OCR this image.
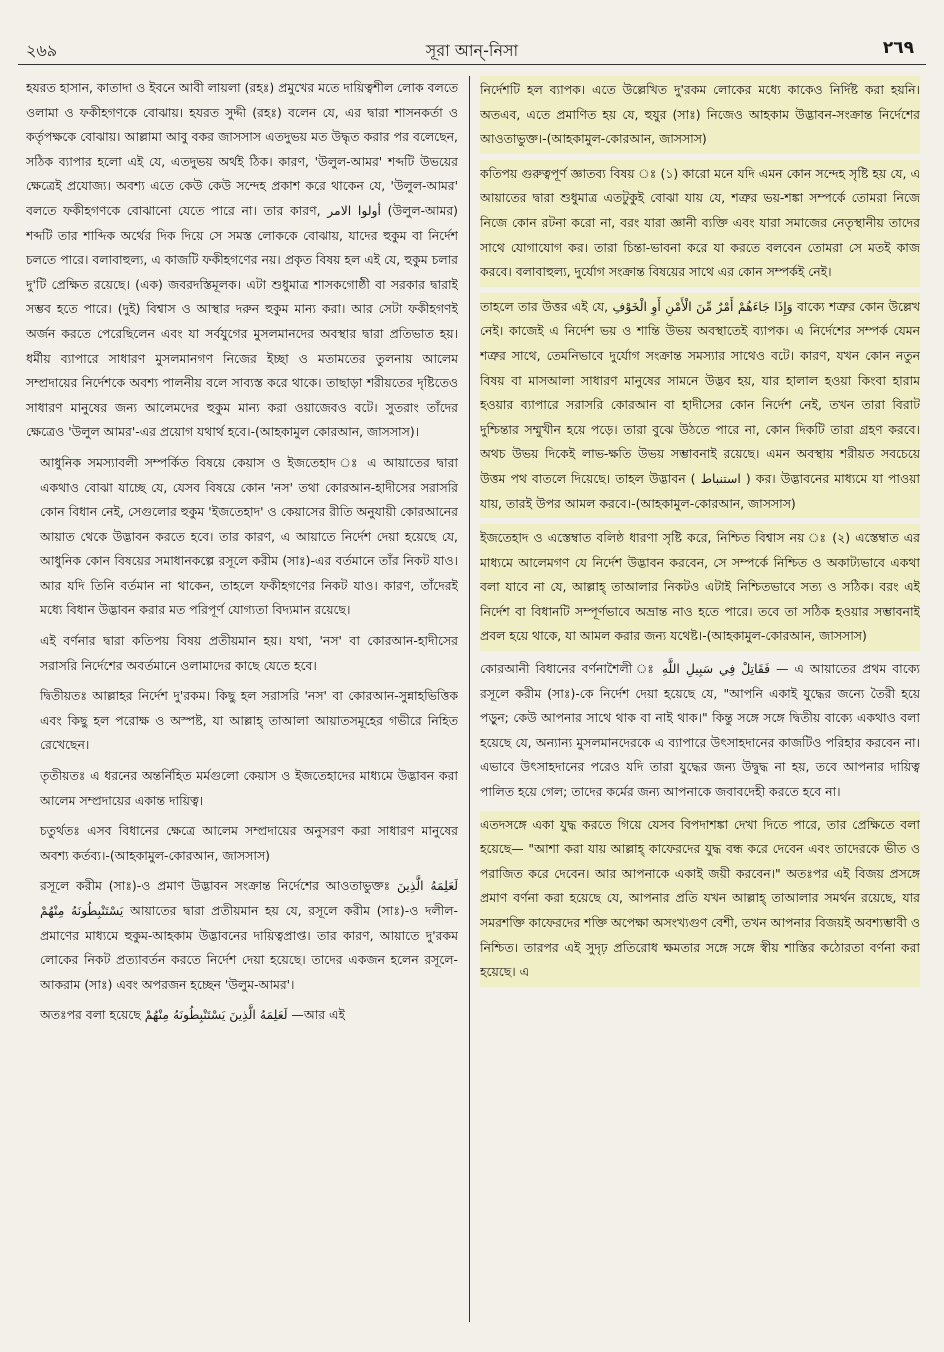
২৬৯	সূরা আন্-নিসা	۲٦٩

হযরত হাসান, কাতাদা ও ইবনে আবী লায়লা (রহঃ) প্রমুখের মতে দায়িত্বশীল লোক বলতে ওলামা ও ফকীহগণকে বোঝায়। হযরত সুদ্দী (রহঃ) বলেন যে, এর দ্বারা শাসনকর্তা ও কর্তৃপক্ষকে বোঝায়। আল্লামা আবু বকর জাসসাস এতদুভয় মত উদ্ধৃত করার পর বলেছেন, সঠিক ব্যাপার হলো এই যে, এতদুভয় অর্থই ঠিক। কারণ, 'উলুল-আমর' শব্দটি উভয়ের ক্ষেত্রেই প্রযোজ্য। অবশ্য এতে কেউ কেউ সন্দেহ প্রকাশ করে থাকেন যে, 'উলুল-আমর' বলতে ফকীহগণকে বোঝানো যেতে পারে না। তার কারণ, أولوا الامر (উলুল-আমর) শব্দটি তার শাব্দিক অর্থের দিক দিয়ে সে সমস্ত লোককে বোঝায়, যাদের হুকুম বা নির্দেশ চলতে পারে। বলাবাহুল্য, এ কাজটি ফকীহগণের নয়। প্রকৃত বিষয় হল এই যে, হুকুম চলার দু'টি প্রেক্ষিত রয়েছে। (এক) জবরদস্তিমূলক। এটা শুধুমাত্র শাসকগোষ্ঠী বা সরকার দ্বারাই সম্ভব হতে পারে। (দুই) বিশ্বাস ও আস্থার দরুন হুকুম মান্য করা। আর সেটা ফকীহগণই অর্জন করতে পেরেছিলেন এবং যা সর্বযুগের মুসলমানদের অবস্থার দ্বারা প্রতিভাত হয়। ধর্মীয় ব্যাপারে সাধারণ মুসলমানগণ নিজের ইচ্ছা ও মতামতের তুলনায় আলেম সম্প্রদায়ের নির্দেশকে অবশ্য পালনীয় বলে সাব্যস্ত করে থাকে। তাছাড়া শরীয়তের দৃষ্টিতেও সাধারণ মানুষের জন্য আলেমদের হুকুম মান্য করা ওয়াজেবও বটে। সুতরাং তাঁদের ক্ষেত্রেও 'উলুল আমর'-এর প্রয়োগ যথার্থ হবে।-(আহকামুল কোরআন, জাসসাস)।

আধুনিক সমস্যাবলী সম্পর্কিত বিষয়ে কেয়াস ও ইজতেহাদ ঃ এ আয়াতের দ্বারা একথাও বোঝা যাচ্ছে যে, যেসব বিষয়ে কোন 'নস' তথা কোরআন-হাদীসের সরাসরি কোন বিধান নেই, সেগুলোর হুকুম 'ইজতেহাদ' ও কেয়াসের রীতি অনুযায়ী কোরআনের আয়াত থেকে উদ্ভাবন করতে হবে। তার কারণ, এ আয়াতে নির্দেশ দেয়া হয়েছে যে, আধুনিক কোন বিষয়ের সমাধানকল্পে রসূলে করীম (সাঃ)-এর বর্তমানে তাঁর নিকট যাও। আর যদি তিনি বর্তমান না থাকেন, তাহলে ফকীহগণের নিকট যাও। কারণ, তাঁদেরই মধ্যে বিধান উদ্ভাবন করার মত পরিপূর্ণ যোগ্যতা বিদ্যমান রয়েছে।

এই বর্ণনার দ্বারা কতিপয় বিষয় প্রতীয়মান হয়। যথা, 'নস' বা কোরআন-হাদীসের সরাসরি নির্দেশের অবর্তমানে ওলামাদের কাছে যেতে হবে।

দ্বিতীয়তঃ আল্লাহর নির্দেশ দু'রকম। কিছু হল সরাসরি 'নস' বা কোরআন-সুন্নাহভিত্তিক এবং কিছু হল পরোক্ষ ও অস্পষ্ট, যা আল্লাহ্ তাআলা আয়াতসমূহের গভীরে নিহিত রেখেছেন।

তৃতীয়তঃ এ ধরনের অন্তর্নিহিত মর্মগুলো কেয়াস ও ইজতেহাদের মাধ্যমে উদ্ভাবন করা আলেম সম্প্রদায়ের একান্ত দায়িত্ব।

চতুর্থতঃ এসব বিধানের ক্ষেত্রে আলেম সম্প্রদায়ের অনুসরণ করা সাধারণ মানুষের অবশ্য কর্তব্য।-(আহকামুল-কোরআন, জাসসাস)

রসূলে করীম (সাঃ)-ও প্রমাণ উদ্ভাবন সংক্রান্ত নির্দেশের আওতাভুক্তঃ لَعَلِمَهُ الَّذِينَ يَسْتَنْبِطُونَهُ مِنْهُمْ আয়াতের দ্বারা প্রতীয়মান হয় যে, রসূলে করীম (সাঃ)-ও দলীল-প্রমাণের মাধ্যমে হুকুম-আহকাম উদ্ভাবনের দায়িত্বপ্রাপ্ত। তার কারণ, আয়াতে দু'রকম লোকের নিকট প্রত্যাবর্তন করতে নির্দেশ দেয়া হয়েছে। তাদের একজন হলেন রসূলে-আকরাম (সাঃ) এবং অপরজন হচ্ছেন 'উলুম-আমর'।

অতঃপর বলা হয়েছে لَعَلِمَهُ الَّذِينَ يَسْتَنْبِطُونَهُ مِنْهُمْ —আর এই

নির্দেশটি হল ব্যাপক। এতে উল্লেখিত দু'রকম লোকের মধ্যে কাকেও নির্দিষ্ট করা হয়নি। অতএব, এতে প্রমাণিত হয় যে, হুযুর (সাঃ) নিজেও আহকাম উদ্ভাবন-সংক্রান্ত নির্দেশের আওতাভুক্ত।-(আহকামুল-কোরআন, জাসসাস)

কতিপয় গুরুত্বপূর্ণ জ্ঞাতব্য বিষয় ঃ (১) কারো মনে যদি এমন কোন সন্দেহ সৃষ্টি হয় যে, এ আয়াতের দ্বারা শুধুমাত্র এতটুকুই বোঝা যায় যে, শত্রুর ভয়-শঙ্কা সম্পর্কে তোমরা নিজে নিজে কোন রটনা করো না, বরং যারা জ্ঞানী ব্যক্তি এবং যারা সমাজের নেতৃস্থানীয় তাদের সাথে যোগাযোগ কর। তারা চিন্তা-ভাবনা করে যা করতে বলবেন তোমরা সে মতই কাজ করবে। বলাবাহুল্য, দুর্যোগ সংক্রান্ত বিষয়ের সাথে এর কোন সম্পর্কই নেই।

তাহলে তার উত্তর এই যে, وَإِذَا جَاءَهُمْ أَمْرٌ مِّنَ الْأَمْنِ أَوِ الْخَوْفِ বাক্যে শত্রুর কোন উল্লেখ নেই। কাজেই এ নির্দেশ ভয় ও শান্তি উভয় অবস্থাতেই ব্যাপক। এ নির্দেশের সম্পর্ক যেমন শত্রুর সাথে, তেমনিভাবে দুর্যোগ সংক্রান্ত সমস্যার সাথেও বটে। কারণ, যখন কোন নতুন বিষয় বা মাসআলা সাধারণ মানুষের সামনে উদ্ভব হয়, যার হালাল হওয়া কিংবা হারাম হওয়ার ব্যাপারে সরাসরি কোরআন বা হাদীসের কোন নির্দেশ নেই, তখন তারা বিরাট দুশ্চিন্তার সম্মুখীন হয়ে পড়ে। তারা বুঝে উঠতে পারে না, কোন দিকটি তারা গ্রহণ করবে। অথচ উভয় দিকেই লাভ-ক্ষতি উভয় সম্ভাবনাই রয়েছে। এমন অবস্থায় শরীয়ত সবচেয়ে উত্তম পথ বাতলে দিয়েছে। তাহল উদ্ভাবন ( استنباط ) কর। উদ্ভাবনের মাধ্যমে যা পাওয়া যায়, তারই উপর আমল করবে।-(আহকামুল-কোরআন, জাসসাস)

ইজতেহাদ ও এস্তেম্বাত বলিষ্ঠ ধারণা সৃষ্টি করে, নিশ্চিত বিশ্বাস নয় ঃ (২) এস্তেম্বাত এর মাধ্যমে আলেমগণ যে নির্দেশ উদ্ভাবন করবেন, সে সম্পর্কে নিশ্চিত ও অকাট্যভাবে একথা বলা যাবে না যে, আল্লাহ্ তাআলার নিকটও এটাই নিশ্চিতভাবে সত্য ও সঠিক। বরং এই নির্দেশ বা বিধানটি সম্পূর্ণভাবে অভ্রান্ত নাও হতে পারে। তবে তা সঠিক হওয়ার সম্ভাবনাই প্রবল হয়ে থাকে, যা আমল করার জন্য যথেষ্ট।-(আহকামুল-কোরআন, জাসসাস)

কোরআনী বিধানের বর্ণনাশৈলী ঃ فَقَاتِلْ فِي سَبِيلِ اللَّهِ — এ আয়াতের প্রথম বাক্যে রসূলে করীম (সাঃ)-কে নির্দেশ দেয়া হয়েছে যে, "আপনি একাই যুদ্ধের জন্যে তৈরী হয়ে পড়ুন; কেউ আপনার সাথে থাক বা নাই থাক।" কিন্তু সঙ্গে সঙ্গে দ্বিতীয় বাক্যে একথাও বলা হয়েছে যে, অন্যান্য মুসলমানদেরকে এ ব্যাপারে উৎসাহদানের কাজটিও পরিহার করবেন না। এভাবে উৎসাহদানের পরেও যদি তারা যুদ্ধের জন্য উদ্বুদ্ধ না হয়, তবে আপনার দায়িত্ব পালিত হয়ে গেল; তাদের কর্মের জন্য আপনাকে জবাবদেহী করতে হবে না।

এতদসঙ্গে একা যুদ্ধ করতে গিয়ে যেসব বিপদাশঙ্কা দেখা দিতে পারে, তার প্রেক্ষিতে বলা হয়েছে— "আশা করা যায় আল্লাহ্ কাফেরদের যুদ্ধ বন্ধ করে দেবেন এবং তাদেরকে ভীত ও পরাজিত করে দেবেন। আর আপনাকে একাই জয়ী করবেন।" অতঃপর এই বিজয় প্রসঙ্গে প্রমাণ বর্ণনা করা হয়েছে যে, আপনার প্রতি যখন আল্লাহ্ তাআলার সমর্থন রয়েছে, যার সমরশক্তি কাফেরদের শক্তি অপেক্ষা অসংখ্যগুণ বেশী, তখন আপনার বিজয়ই অবশ্যম্ভাবী ও নিশ্চিত। তারপর এই সুদৃঢ় প্রতিরোধ ক্ষমতার সঙ্গে সঙ্গে স্বীয় শাস্তির কঠোরতা বর্ণনা করা হয়েছে। এ
